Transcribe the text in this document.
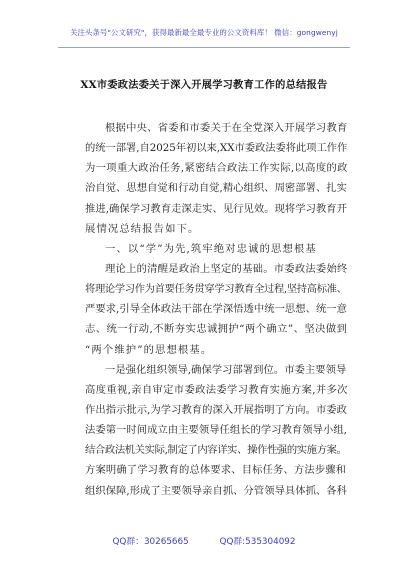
关注头条号"公文研究"，获得最新最全最专业的公文资料库！ 微信：gongwenyj
XX市委政法委关于深入开展学习教育工作的总结报告
根据中央、省委和市委关于在全党深入开展学习教育
的统一部署,自2025年初以来,XX市委政法委将此项工作作
为一项重大政治任务,紧密结合政法工作实际,以高度的政
治自觉、思想自觉和行动自觉,精心组织、周密部署、扎实
推进,确保学习教育走深走实、见行见效。现将学习教育开
展情况总结报告如下。
一、以“学”为先,筑牢绝对忠诚的思想根基
理论上的清醒是政治上坚定的基础。市委政法委始终
将理论学习作为首要任务贯穿学习教育全过程,坚持高标准、
严要求,引导全体政法干部在学深悟透中统一思想、统一意
志、统一行动,不断夯实忠诚拥护“两个确立”、坚决做到
“两个维护”的思想根基。
一是强化组织领导,确保学习部署到位。市委主要领导
高度重视,亲自审定市委政法委学习教育实施方案,并多次
作出指示批示,为学习教育的深入开展指明了方向。市委政
法委第一时间成立由主要领导任组长的学习教育领导小组,
结合政法机关实际,制定了内容详实、操作性强的实施方案。
方案明确了学习教育的总体要求、目标任务、方法步骤和
组织保障,形成了主要领导亲自抓、分管领导具体抓、各科
QQ群：30265665	QQ群:535304092
